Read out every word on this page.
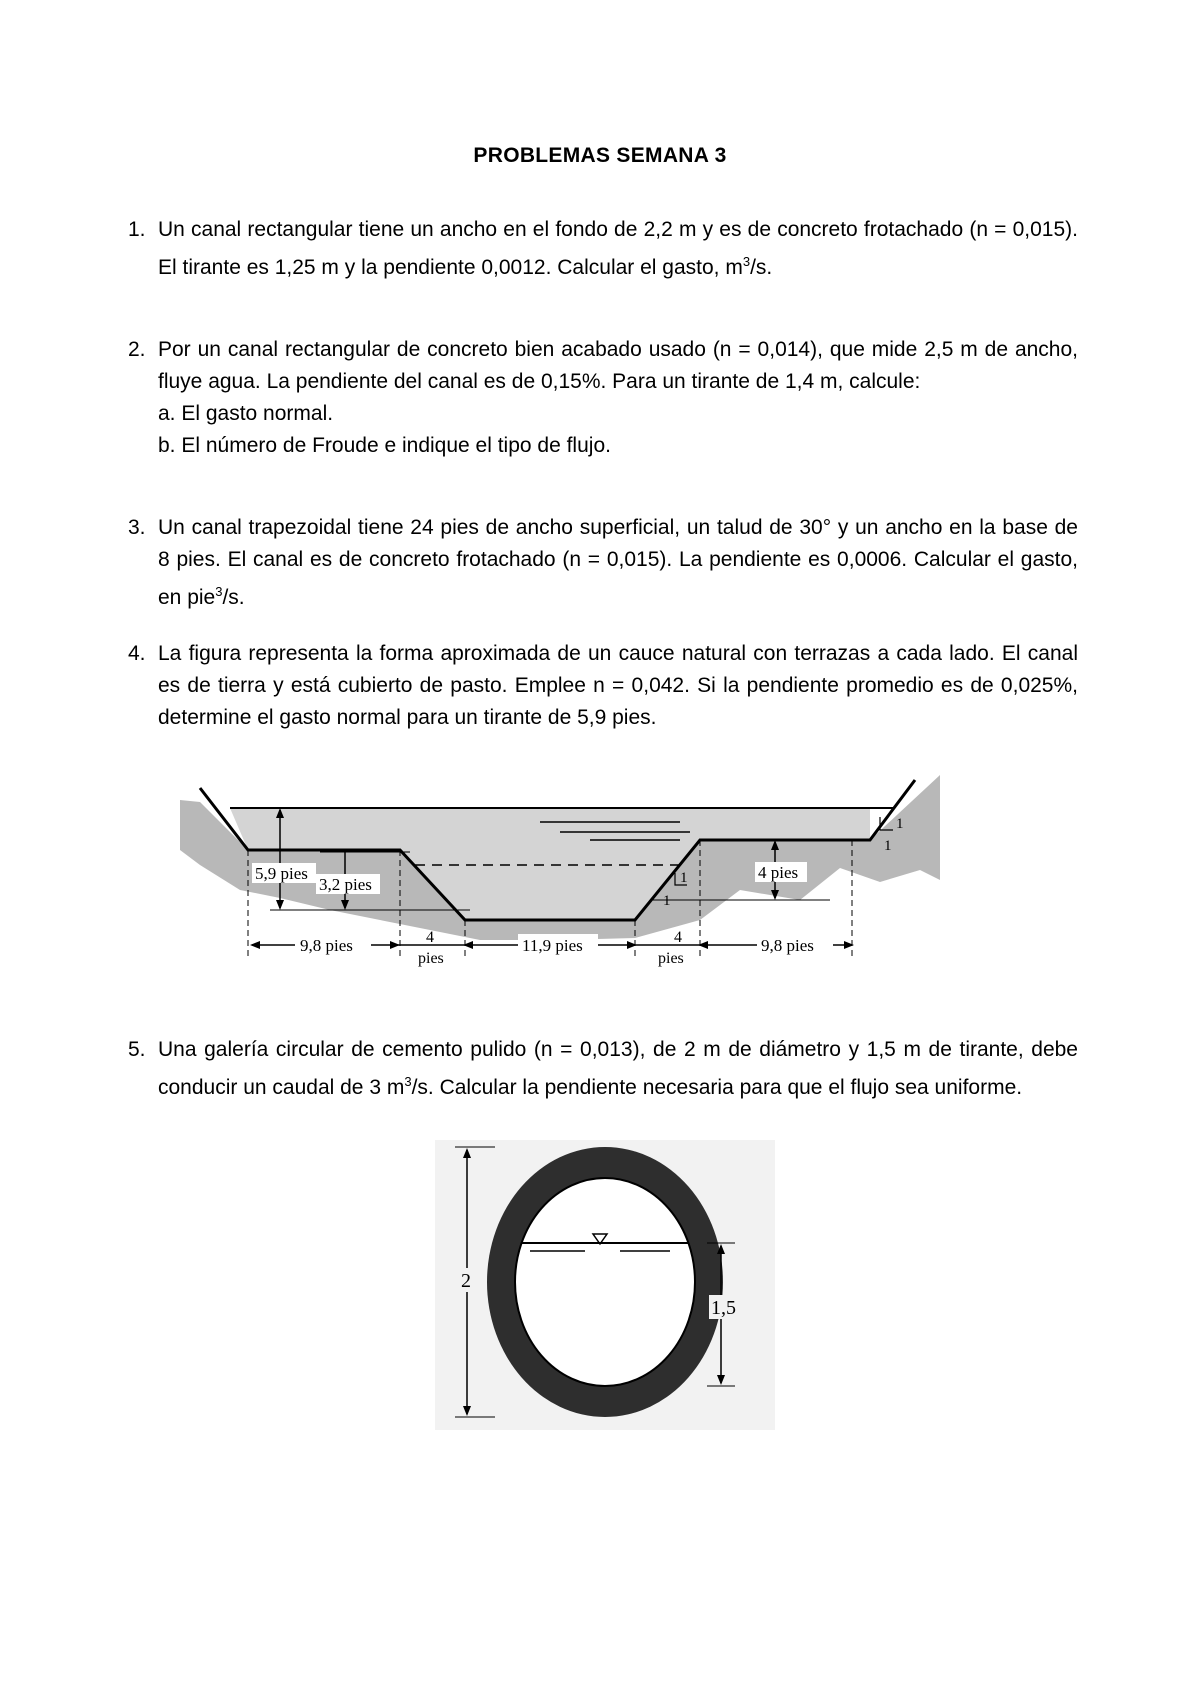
PROBLEMAS SEMANA 3
1. Un canal rectangular tiene un ancho en el fondo de 2,2 m y es de concreto frotachado (n = 0,015). El tirante es 1,25 m y la pendiente 0,0012. Calcular el gasto, $m^3/s$.
2. Por un canal rectangular de concreto bien acabado usado (n = 0,014), que mide 2,5 m de ancho, fluye agua. La pendiente del canal es de 0,15%. Para un tirante de 1,4 m, calcule:
a. El gasto normal.
b. El número de Froude e indique el tipo de flujo.
3. Un canal trapezoidal tiene 24 pies de ancho superficial, un talud de 30° y un ancho en la base de 8 pies. El canal es de concreto frotachado (n = 0,015). La pendiente es 0,0006. Calcular el gasto, en pie$^3$/s.
4. La figura representa la forma aproximada de un cauce natural con terrazas a cada lado. El canal es de tierra y está cubierto de pasto. Emplee n = 0,042. Si la pendiente promedio es de 0,025%, determine el gasto normal para un tirante de 5,9 pies.
5,9 pies
3,2 pies
4 pies
9,8 pies	11,9 pies	9,8 pies
4
pies
4
pies
1
1
1
1
5. Una galería circular de cemento pulido (n = 0,013), de 2 m de diámetro y 1,5 m de tirante, debe conducir un caudal de 3 $m^3/s$. Calcular la pendiente necesaria para que el flujo sea uniforme.
2
1,5
